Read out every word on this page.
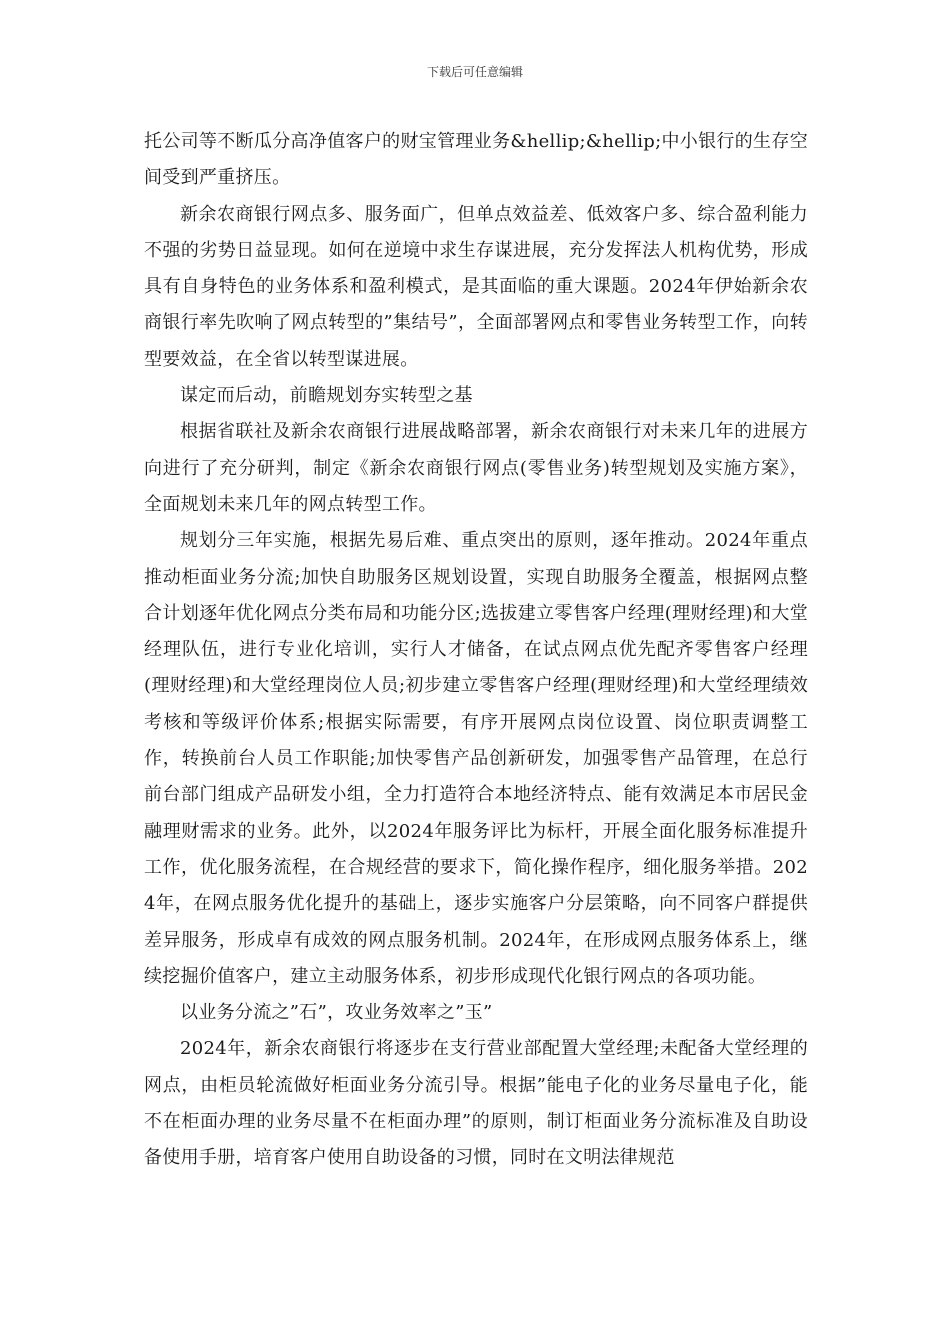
下载后可任意编辑

托公司等不断瓜分高净值客户的财宝管理业务&hellip;&hellip;中小银行的生存空间受到严重挤压。

新余农商银行网点多、服务面广，但单点效益差、低效客户多、综合盈利能力不强的劣势日益显现。如何在逆境中求生存谋进展，充分发挥法人机构优势，形成具有自身特色的业务体系和盈利模式，是其面临的重大课题。2024年伊始新余农商银行率先吹响了网点转型的”集结号”，全面部署网点和零售业务转型工作，向转型要效益，在全省以转型谋进展。

谋定而后动，前瞻规划夯实转型之基

根据省联社及新余农商银行进展战略部署，新余农商银行对未来几年的进展方向进行了充分研判，制定《新余农商银行网点(零售业务)转型规划及实施方案》，全面规划未来几年的网点转型工作。

规划分三年实施，根据先易后难、重点突出的原则，逐年推动。2024年重点推动柜面业务分流;加快自助服务区规划设置，实现自助服务全覆盖，根据网点整合计划逐年优化网点分类布局和功能分区;选拔建立零售客户经理(理财经理)和大堂经理队伍，进行专业化培训，实行人才储备，在试点网点优先配齐零售客户经理(理财经理)和大堂经理岗位人员;初步建立零售客户经理(理财经理)和大堂经理绩效考核和等级评价体系;根据实际需要，有序开展网点岗位设置、岗位职责调整工作，转换前台人员工作职能;加快零售产品创新研发，加强零售产品管理，在总行前台部门组成产品研发小组，全力打造符合本地经济特点、能有效满足本市居民金融理财需求的业务。此外，以2024年服务评比为标杆，开展全面化服务标准提升工作，优化服务流程，在合规经营的要求下，简化操作程序，细化服务举措。2024年，在网点服务优化提升的基础上，逐步实施客户分层策略，向不同客户群提供差异服务，形成卓有成效的网点服务机制。2024年，在形成网点服务体系上，继续挖掘价值客户，建立主动服务体系，初步形成现代化银行网点的各项功能。

以业务分流之”石”，攻业务效率之”玉”

2024年，新余农商银行将逐步在支行营业部配置大堂经理;未配备大堂经理的网点，由柜员轮流做好柜面业务分流引导。根据”能电子化的业务尽量电子化，能不在柜面办理的业务尽量不在柜面办理”的原则，制订柜面业务分流标准及自助设备使用手册，培育客户使用自助设备的习惯，同时在文明法律规范
